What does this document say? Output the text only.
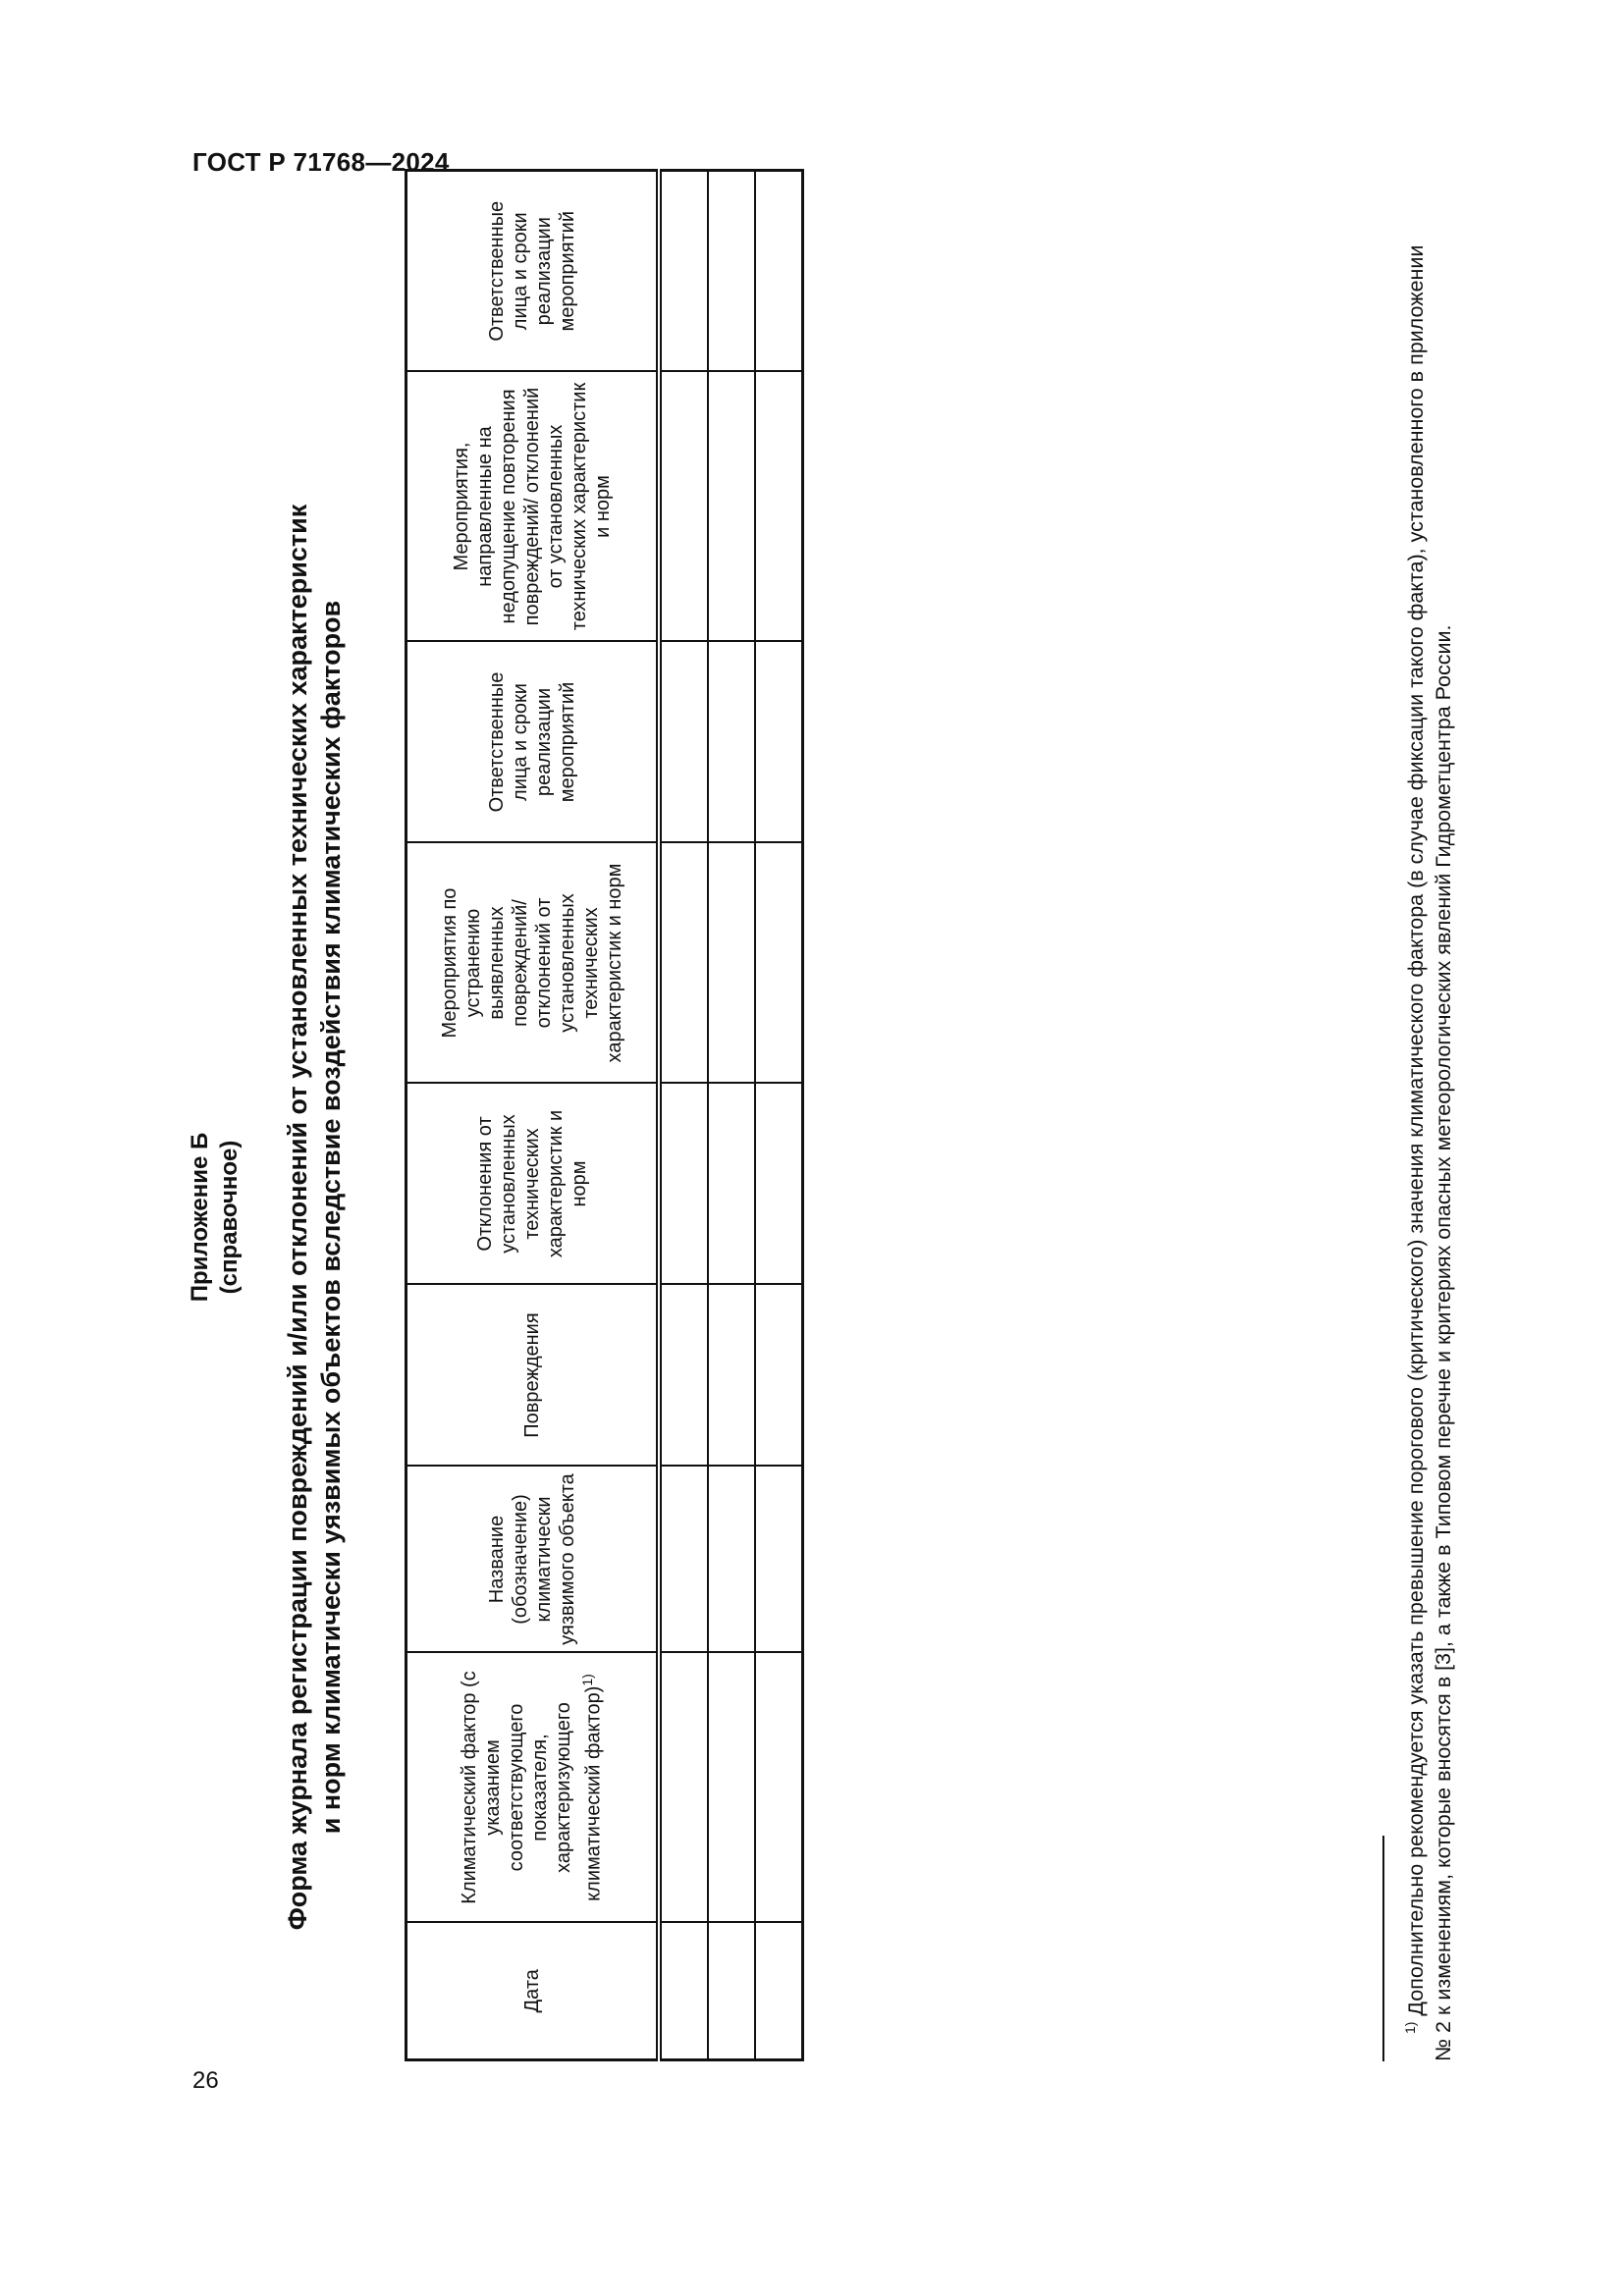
ГОСТ Р 71768—2024
26
Приложение Б (справочное) Форма журнала регистрации повреждений и/или отклонений от установленных технических характеристик и норм климатически уязвимых объектов вследствие воздействия климатических факторов
Дата	Климатический фактор (с указанием соответствующего показателя, характеризующего климатический фактор)$^{1)}$	Название (обозначение) климатически уязвимого объекта	Повреждения	Отклонения от установленных технических характеристик и норм	Мероприятия по устранению выявленных повреждений/ отклонений от установленных технических характеристик и норм	Ответственные лица и сроки реализации мероприятий	Мероприятия, направленные на недопущение повторения повреждений/ отклонений от установленных технических характеристик и норм	Ответственные лица и сроки реализации мероприятий

$^{1)}$ Дополнительно рекомендуется указать превышение порогового (критического) значения климатического фактора (в случае фиксации такого факта), установленного в приложении № 2 к изменениям, которые вносятся в [3], а также в Типовом перечне и критериях опасных метеорологических явлений Гидрометцентра России.
